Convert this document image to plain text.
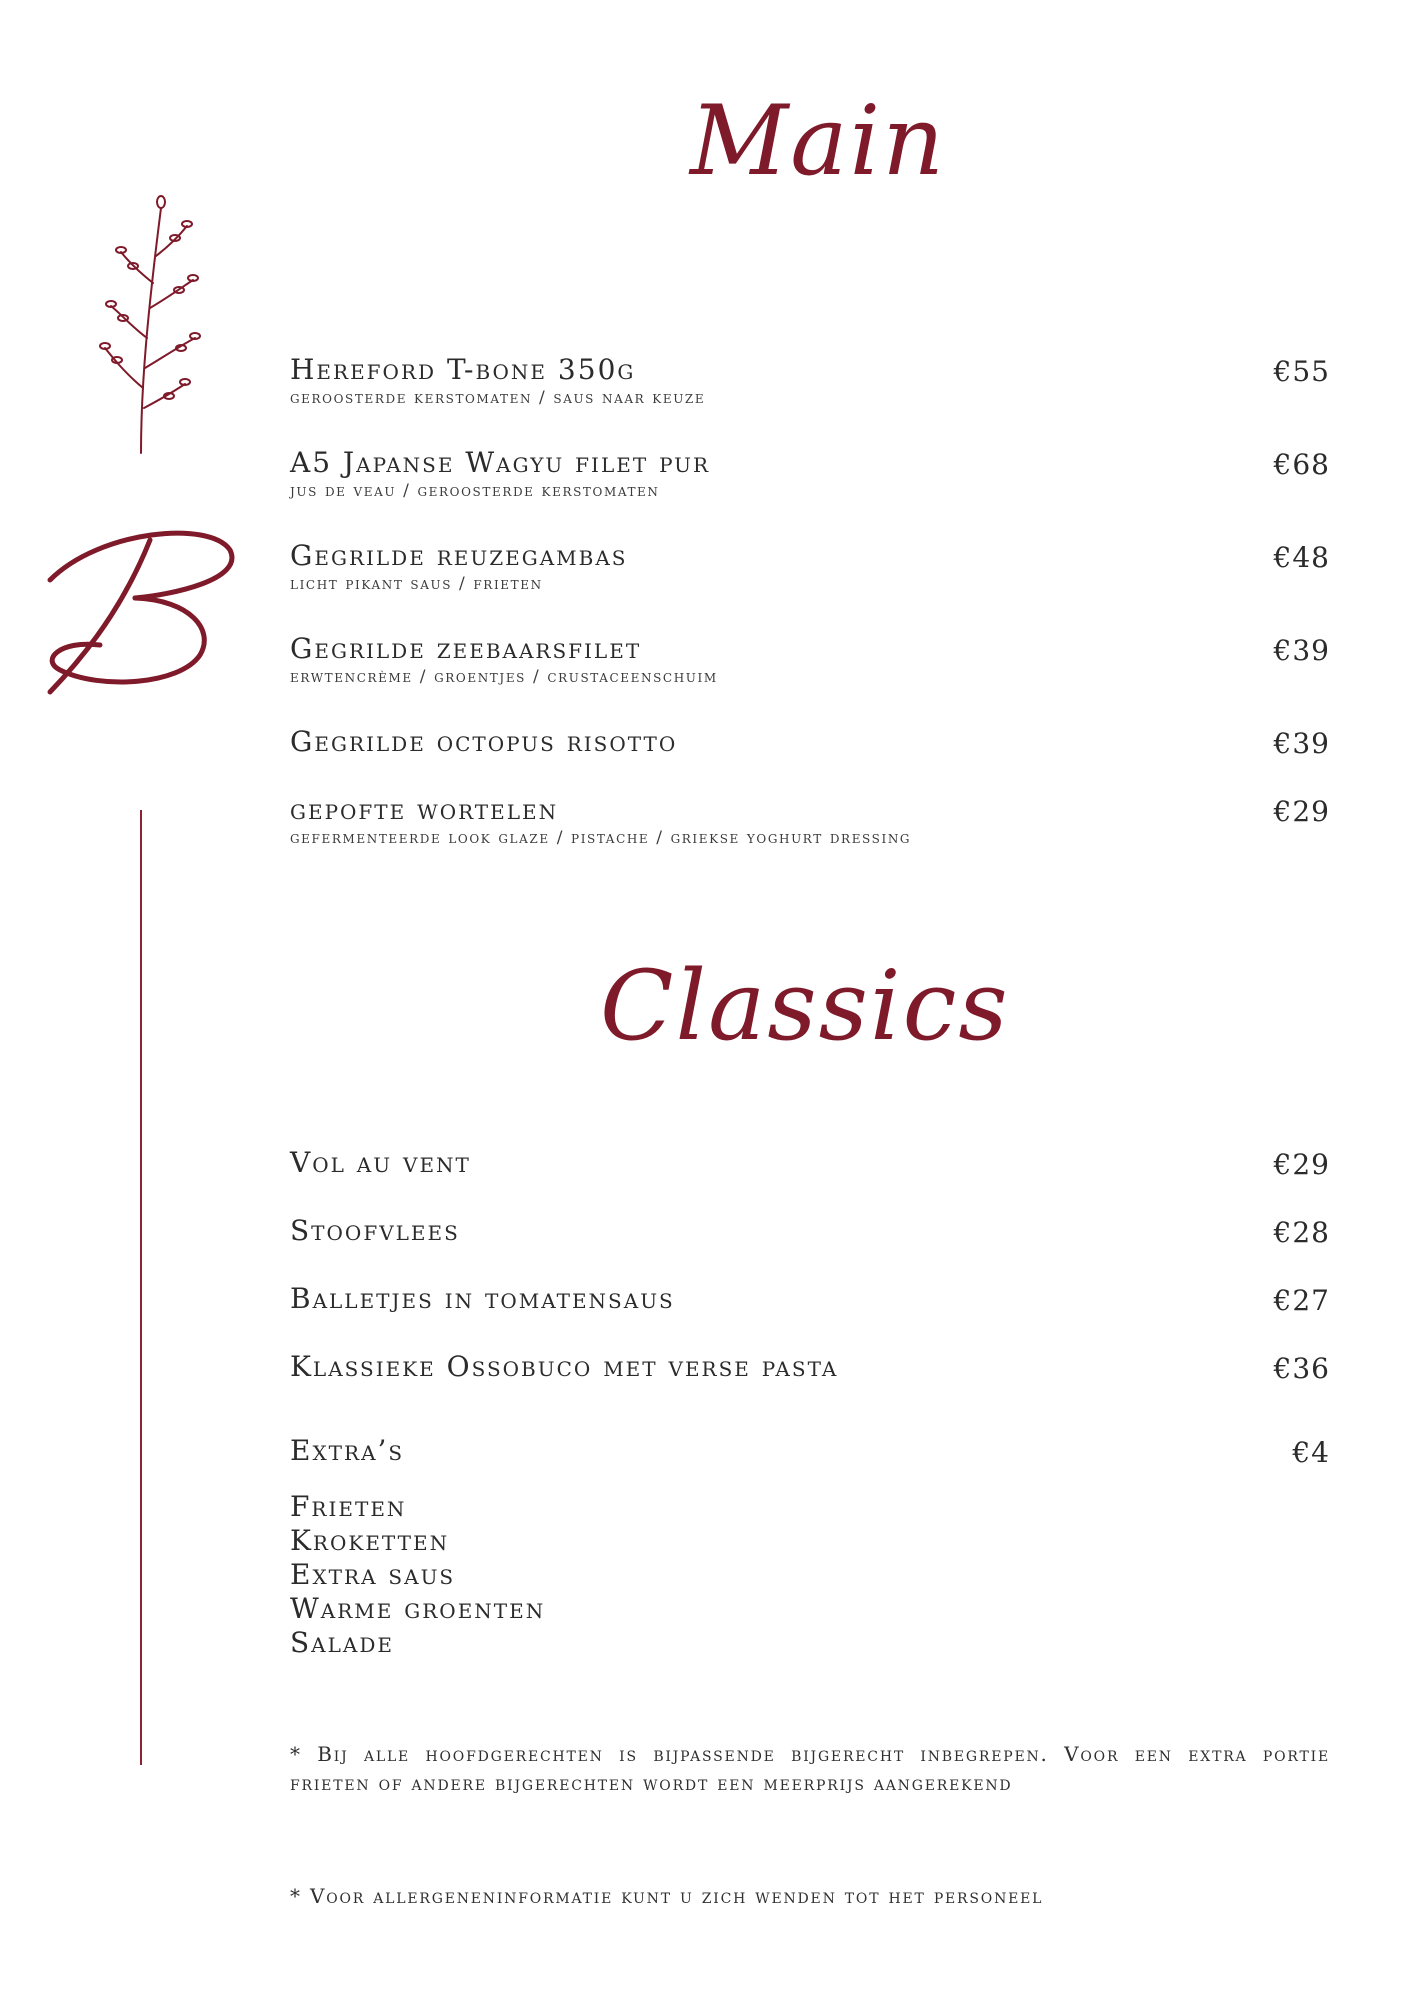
Main
Hereford T-bone 350g
geroosterde kerstomaten / saus naar keuze
€55
A5 Japanse Wagyu filet pur
jus de veau / geroosterde kerstomaten
€68
Gegrilde reuzegambas
licht pikant saus / frieten
€48
Gegrilde zeebaarsfilet
erwtencrème / groentjes / crustaceenschuim
€39
Gegrilde octopus risotto	€39
gepofte wortelen
gefermenteerde look glaze / pistache / griekse yoghurt dressing
€29
Classics
Vol au vent	€29
Stoofvlees	€28
Balletjes in tomatensaus	€27
Klassieke Ossobuco met verse pasta	€36
Extra’s	€4
Frieten
Kroketten
Extra saus
Warme groenten
Salade
* Bij alle hoofdgerechten is bijpassende bijgerecht inbegrepen. Voor een extra portie frieten of andere bijgerechten wordt een meerprijs aangerekend
* Voor allergeneninformatie kunt u zich wenden tot het personeel
